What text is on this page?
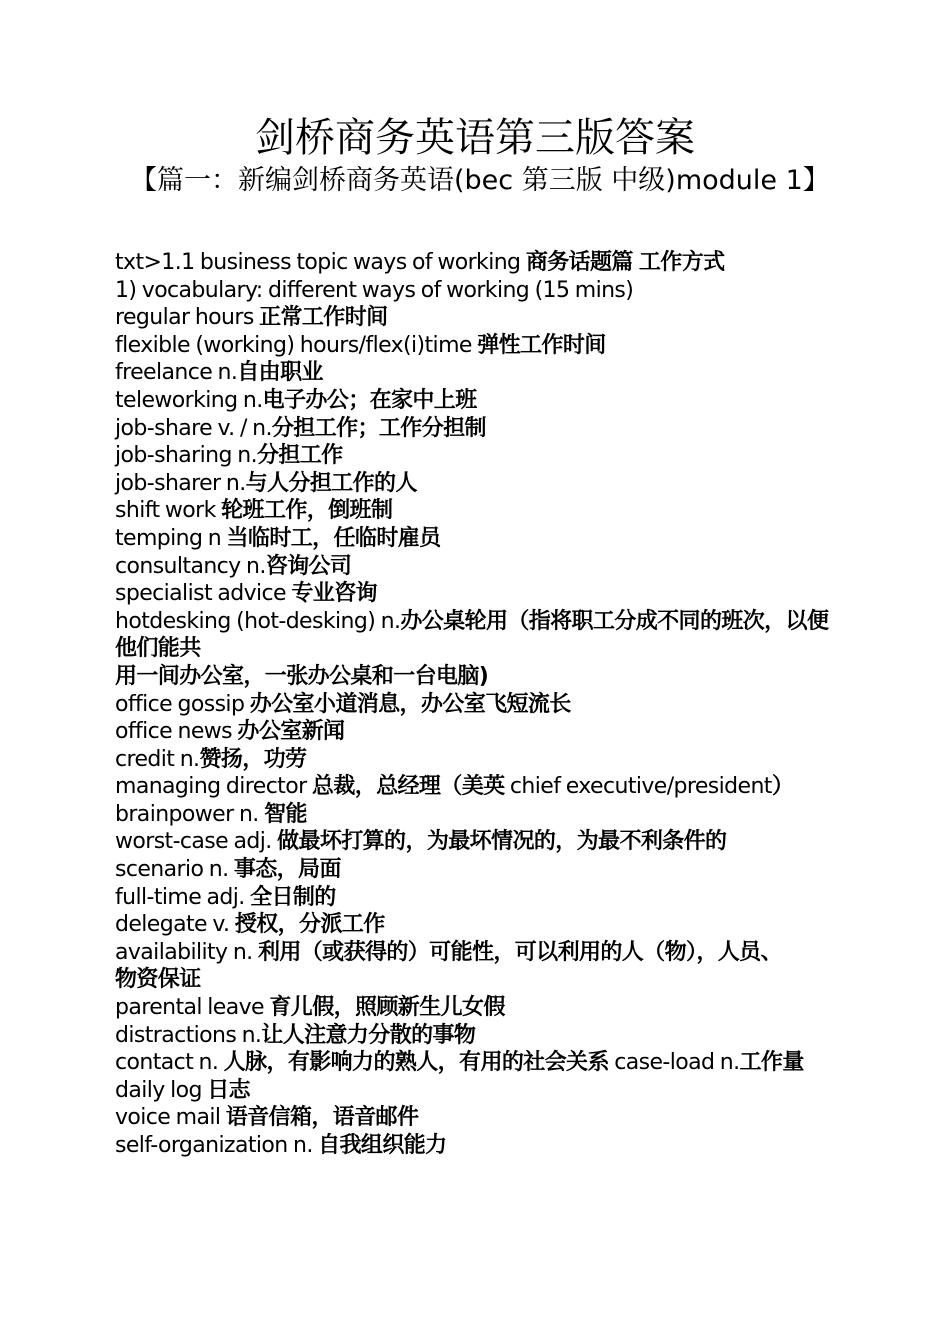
剑桥商务英语第三版答案

【篇一：新编剑桥商务英语(bec 第三版 中级)module 1】

txt>1.1 business topic ways of working 商务话题篇 工作方式

1) vocabulary: different ways of working (15 mins)

regular hours 正常工作时间

flexible (working) hours/flex(i)time 弹性工作时间

freelance n.自由职业

teleworking n.电子办公；在家中上班

job-share v. / n.分担工作；工作分担制

job-sharing n.分担工作

job-sharer n.与人分担工作的人

shift work 轮班工作，倒班制

temping n 当临时工，任临时雇员

consultancy n.咨询公司

specialist advice 专业咨询

hotdesking (hot-desking) n.办公桌轮用（指将职工分成不同的班次，以便他们能共

用一间办公室，一张办公桌和一台电脑)

office gossip 办公室小道消息，办公室飞短流长

office news 办公室新闻

credit n.赞扬，功劳

managing director 总裁，总经理（美英 chief executive/president）

brainpower n. 智能

worst-case adj. 做最坏打算的，为最坏情况的，为最不利条件的

scenario n. 事态，局面

full-time adj. 全日制的

delegate v. 授权，分派工作

availability n. 利用（或获得的）可能性，可以利用的人（物），人员、

物资保证

parental leave 育儿假，照顾新生儿女假

distractions n.让人注意力分散的事物

contact n. 人脉，有影响力的熟人，有用的社会关系 case-load n.工作量

daily log 日志

voice mail 语音信箱，语音邮件

self-organization n. 自我组织能力
